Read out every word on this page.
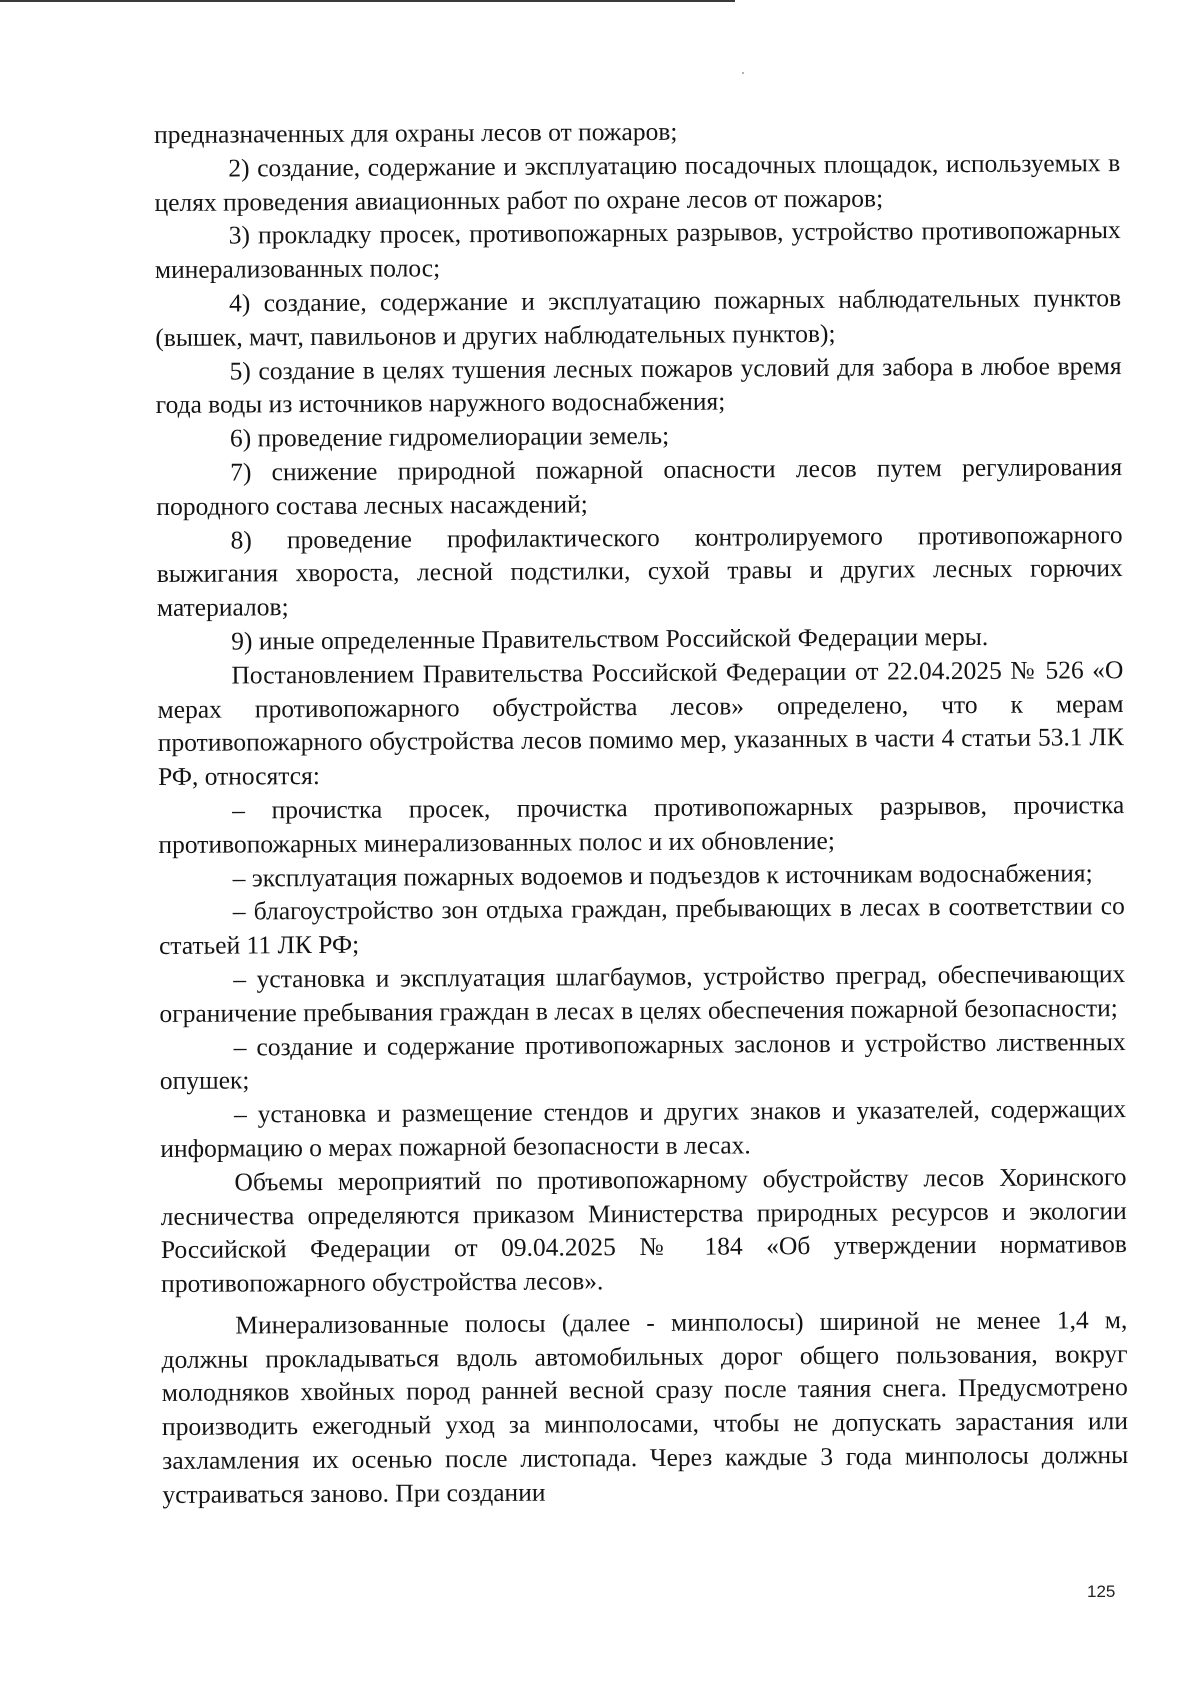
предназначенных для охраны лесов от пожаров;

2) создание, содержание и эксплуатацию посадочных площадок, используемых в целях проведения авиационных работ по охране лесов от пожаров;

3) прокладку просек, противопожарных разрывов, устройство противопожарных минерализованных полос;

4) создание, содержание и эксплуатацию пожарных наблюдательных пунктов (вышек, мачт, павильонов и других наблюдательных пунктов);

5) создание в целях тушения лесных пожаров условий для забора в любое время года воды из источников наружного водоснабжения;

6) проведение гидромелиорации земель;

7) снижение природной пожарной опасности лесов путем регулирования породного состава лесных насаждений;

8) проведение профилактического контролируемого противопожарного выжигания хвороста, лесной подстилки, сухой травы и других лесных горючих материалов;

9) иные определенные Правительством Российской Федерации меры.

Постановлением Правительства Российской Федерации от 22.04.2025 № 526 «О мерах противопожарного обустройства лесов» определено, что к мерам противопожарного обустройства лесов помимо мер, указанных в части 4 статьи 53.1 ЛК РФ, относятся:

– прочистка просек, прочистка противопожарных разрывов, прочистка противопожарных минерализованных полос и их обновление;

– эксплуатация пожарных водоемов и подъездов к источникам водоснабжения;

– благоустройство зон отдыха граждан, пребывающих в лесах в соответствии со статьей 11 ЛК РФ;

– установка и эксплуатация шлагбаумов, устройство преград, обеспечивающих ограничение пребывания граждан в лесах в целях обеспечения пожарной безопасности;

– создание и содержание противопожарных заслонов и устройство лиственных опушек;

– установка и размещение стендов и других знаков и указателей, содержащих информацию о мерах пожарной безопасности в лесах.

Объемы мероприятий по противопожарному обустройству лесов Хоринского лесничества определяются приказом Министерства природных ресурсов и экологии Российской Федерации от 09.04.2025 № 184 «Об утверждении нормативов противопожарного обустройства лесов».

Минерализованные полосы (далее - минполосы) шириной не менее 1,4 м, должны прокладываться вдоль автомобильных дорог общего пользования, вокруг молодняков хвойных пород ранней весной сразу после таяния снега. Предусмотрено производить ежегодный уход за минполосами, чтобы не допускать зарастания или захламления их осенью после листопада. Через каждые 3 года минполосы должны устраиваться заново. При создании

125
